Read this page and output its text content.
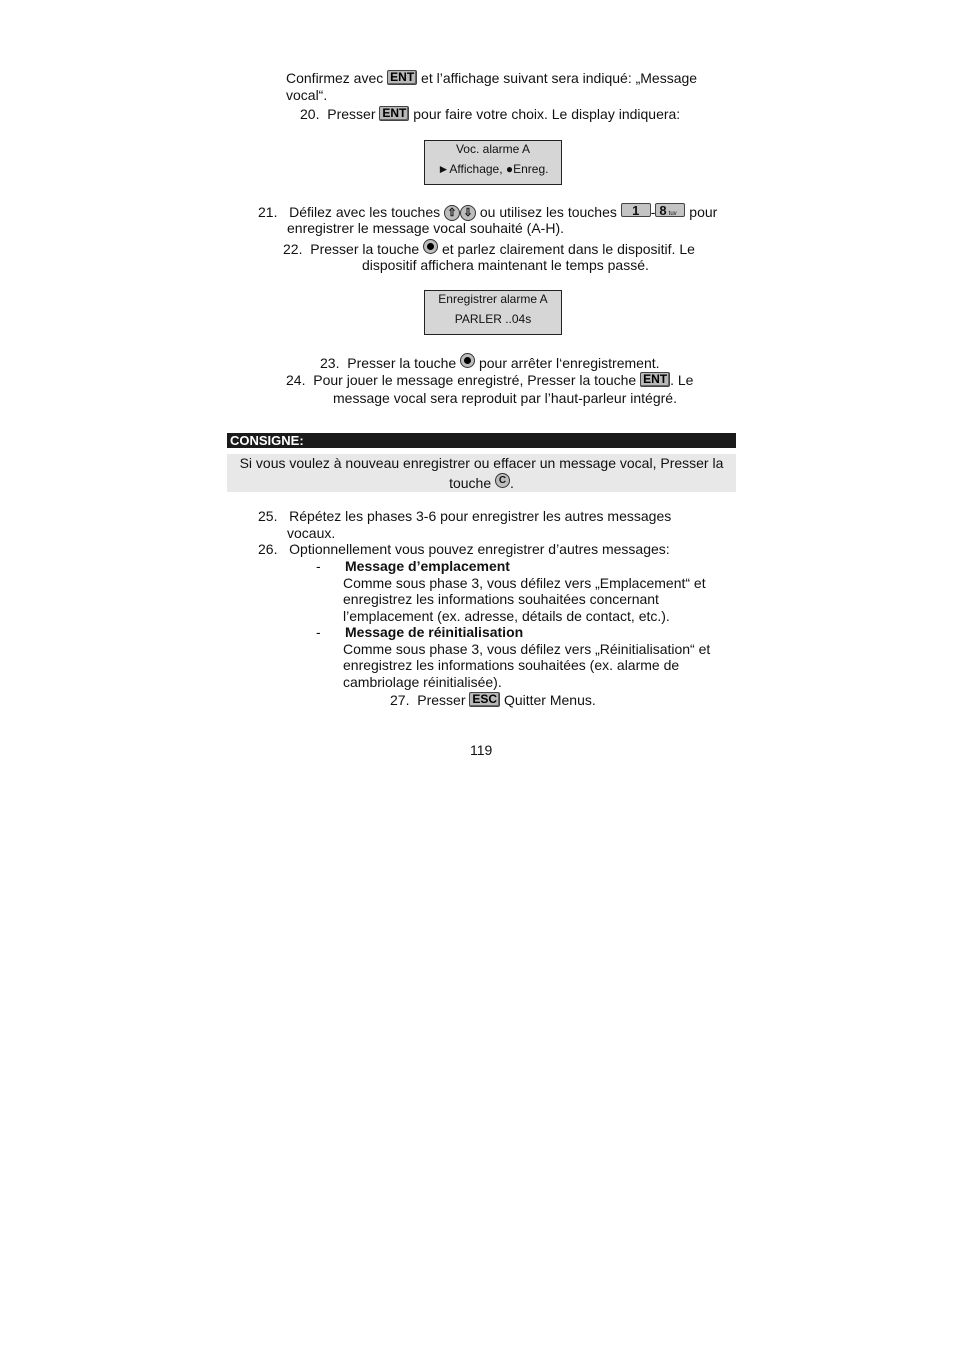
Confirmez avec ENT et l’affichage suivant sera indiqué: „Message
vocal“.
20. Presser ENT pour faire votre choix. Le display indiquera:
Voc. alarme A
►Affichage, ●Enreg.
21. Défilez avec les touches ⇧ ⇩ ou utilisez les touches 1 - 8 tuv pour
enregistrer le message vocal souhaité (A-H).
22. Presser la touche
et parlez clairement dans le dispositif. Le
dispositif affichera maintenant le temps passé.
Enregistrer alarme A
PARLER ..04s
23. Presser la touche
pour arrêter l‘enregistrement.
24. Pour jouer le message enregistré, Presser la touche ENT . Le
message vocal sera reproduit par l’haut-parleur intégré.
CONSIGNE:
Si vous voulez à nouveau enregistrer ou effacer un message vocal, Presser la
touche C .
25. Répétez les phases 3-6 pour enregistrer les autres messages
vocaux.
26. Optionnellement vous pouvez enregistrer d’autres messages:
- Message d’emplacement
Comme sous phase 3, vous défilez vers „Emplacement“ et
enregistrez les informations souhaitées concernant
l’emplacement (ex. adresse, détails de contact, etc.).
- Message de réinitialisation
Comme sous phase 3, vous défilez vers „Réinitialisation“ et
enregistrez les informations souhaitées (ex. alarme de
cambriolage réinitialisée).
27. Presser ESC Quitter Menus.
119
